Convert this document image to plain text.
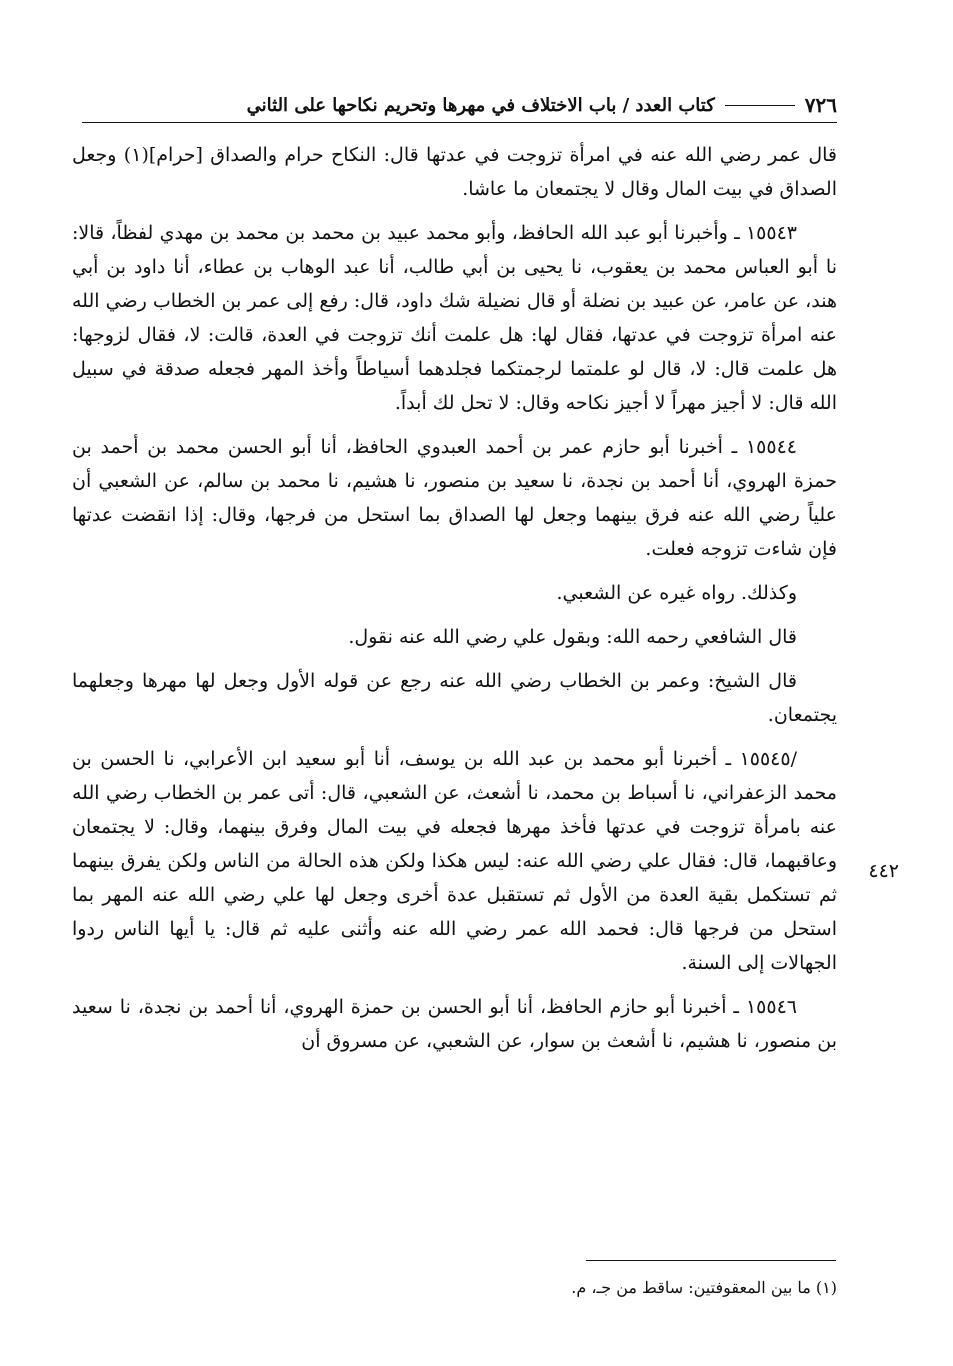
٧٢٦
كتاب العدد / باب الاختلاف في مهرها وتحريم نكاحها على الثاني

قال عمر رضي الله عنه في امرأة تزوجت في عدتها قال: النكاح حرام والصداق [حرام](١) وجعل الصداق في بيت المال وقال لا يجتمعان ما عاشا.

١٥٥٤٣ ـ وأخبرنا أبو عبد الله الحافظ، وأبو محمد عبيد بن محمد بن محمد بن مهدي لفظاً، قالا: نا أبو العباس محمد بن يعقوب، نا يحيى بن أبي طالب، أنا عبد الوهاب بن عطاء، أنا داود بن أبي هند، عن عامر، عن عبيد بن نضلة أو قال نضيلة شك داود، قال: رفع إلى عمر بن الخطاب رضي الله عنه امرأة تزوجت في عدتها، فقال لها: هل علمت أنك تزوجت في العدة، قالت: لا، فقال لزوجها: هل علمت قال: لا، قال لو علمتما لرجمتكما فجلدهما أسياطاً وأخذ المهر فجعله صدقة في سبيل الله قال: لا أجيز مهراً لا أجيز نكاحه وقال: لا تحل لك أبداً.

١٥٥٤٤ ـ أخبرنا أبو حازم عمر بن أحمد العبدوي الحافظ، أنا أبو الحسن محمد بن أحمد بن حمزة الهروي، أنا أحمد بن نجدة، نا سعيد بن منصور، نا هشيم، نا محمد بن سالم، عن الشعبي أن علياً رضي الله عنه فرق بينهما وجعل لها الصداق بما استحل من فرجها، وقال: إذا انقضت عدتها فإن شاءت تزوجه فعلت.

وكذلك. رواه غيره عن الشعبي.

قال الشافعي رحمه الله: وبقول علي رضي الله عنه نقول.

قال الشيخ: وعمر بن الخطاب رضي الله عنه رجع عن قوله الأول وجعل لها مهرها وجعلهما يجتمعان.

/١٥٥٤٥ ـ أخبرنا أبو محمد بن عبد الله بن يوسف، أنا أبو سعيد ابن الأعرابي، نا الحسن بن محمد الزعفراني، نا أسباط بن محمد، نا أشعث، عن الشعبي، قال: أتى عمر بن الخطاب رضي الله عنه بامرأة تزوجت في عدتها فأخذ مهرها فجعله في بيت المال وفرق بينهما، وقال: لا يجتمعان وعاقبهما، قال: فقال علي رضي الله عنه: ليس هكذا ولكن هذه الحالة من الناس ولكن يفرق بينهما ثم تستكمل بقية العدة من الأول ثم تستقبل عدة أخرى وجعل لها علي رضي الله عنه المهر بما استحل من فرجها قال: فحمد الله عمر رضي الله عنه وأثنى عليه ثم قال: يا أيها الناس ردوا الجهالات إلى السنة.

١٥٥٤٦ ـ أخبرنا أبو حازم الحافظ، أنا أبو الحسن بن حمزة الهروي، أنا أحمد بن نجدة، نا سعيد بن منصور، نا هشيم، نا أشعث بن سوار، عن الشعبي، عن مسروق أن

٤٤٢
(١) ما بين المعقوفتين: ساقط من جـ، م.
